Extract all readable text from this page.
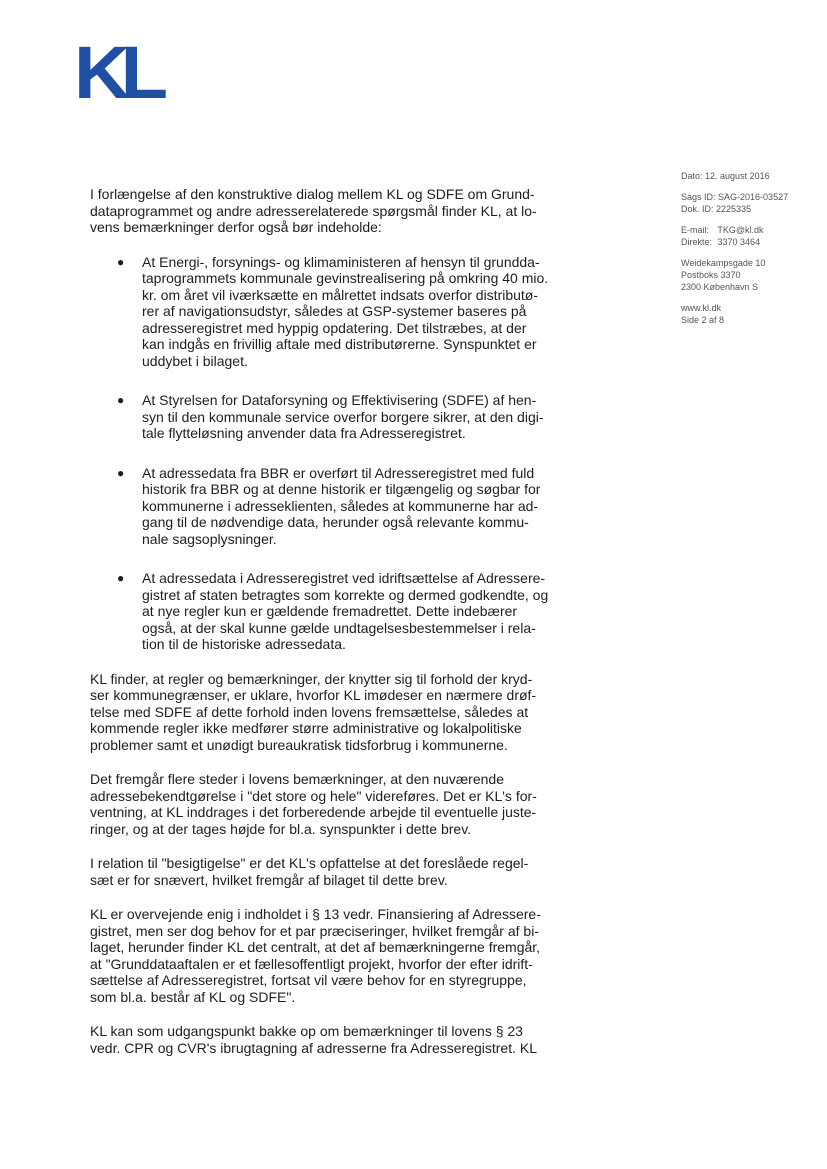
KL

Dato: 12. august 2016
Sags ID: SAG-2016-03527
Dok. ID: 2225335
E-mail: TKG@kl.dk
Direkte: 3370 3464
Weidekampsgade 10
Postboks 3370
2300 København S
www.kl.dk
Side 2 af 8

I forlængelse af den konstruktive dialog mellem KL og SDFE om Grund-
dataprogrammet og andre adresserelaterede spørgsmål finder KL, at lo-
vens bemærkninger derfor også bør indeholde:

● At Energi-, forsynings- og klimaministeren af hensyn til grundda-
taprogrammets kommunale gevinstrealisering på omkring 40 mio.
kr. om året vil iværksætte en målrettet indsats overfor distributø-
rer af navigationsudstyr, således at GSP-systemer baseres på
adresseregistret med hyppig opdatering. Det tilstræbes, at der
kan indgås en frivillig aftale med distributørerne. Synspunktet er
uddybet i bilaget.
● At Styrelsen for Dataforsyning og Effektivisering (SDFE) af hen-
syn til den kommunale service overfor borgere sikrer, at den digi-
tale flytteløsning anvender data fra Adresseregistret.
● At adressedata fra BBR er overført til Adresseregistret med fuld
historik fra BBR og at denne historik er tilgængelig og søgbar for
kommunerne i adresseklienten, således at kommunerne har ad-
gang til de nødvendige data, herunder også relevante kommu-
nale sagsoplysninger.
● At adressedata i Adresseregistret ved idriftsættelse af Adressere-
gistret af staten betragtes som korrekte og dermed godkendte, og
at nye regler kun er gældende fremadrettet. Dette indebærer
også, at der skal kunne gælde undtagelsesbestemmelser i rela-
tion til de historiske adressedata.

KL finder, at regler og bemærkninger, der knytter sig til forhold der kryd-
ser kommunegrænser, er uklare, hvorfor KL imødeser en nærmere drøf-
telse med SDFE af dette forhold inden lovens fremsættelse, således at
kommende regler ikke medfører større administrative og lokalpolitiske
problemer samt et unødigt bureaukratisk tidsforbrug i kommunerne.

Det fremgår flere steder i lovens bemærkninger, at den nuværende
adressebekendtgørelse i "det store og hele" videreføres. Det er KL's for-
ventning, at KL inddrages i det forberedende arbejde til eventuelle juste-
ringer, og at der tages højde for bl.a. synspunkter i dette brev.

I relation til "besigtigelse" er det KL's opfattelse at det foreslåede regel-
sæt er for snævert, hvilket fremgår af bilaget til dette brev.

KL er overvejende enig i indholdet i § 13 vedr. Finansiering af Adressere-
gistret, men ser dog behov for et par præciseringer, hvilket fremgår af bi-
laget, herunder finder KL det centralt, at det af bemærkningerne fremgår,
at "Grunddataaftalen er et fællesoffentligt projekt, hvorfor der efter idrift-
sættelse af Adresseregistret, fortsat vil være behov for en styregruppe,
som bl.a. består af KL og SDFE".

KL kan som udgangspunkt bakke op om bemærkninger til lovens § 23
vedr. CPR og CVR's ibrugtagning af adresserne fra Adresseregistret. KL
